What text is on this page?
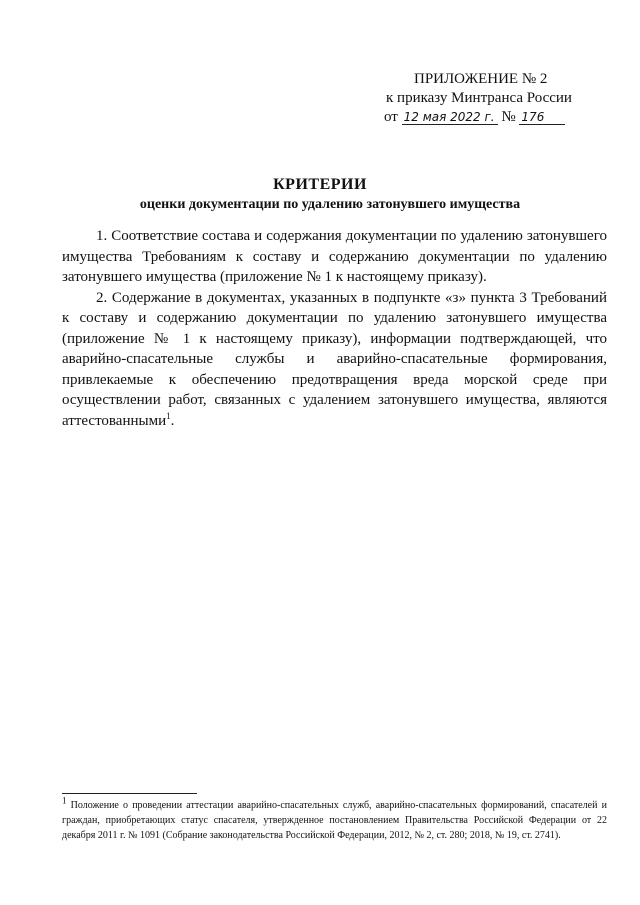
ПРИЛОЖЕНИЕ № 2
к приказу Минтранса России
от 12 мая 2022 г. № 176
КРИТЕРИИ
оценки документации по удалению затонувшего имущества

1. Соответствие состава и содержания документации по удалению затонувшего имущества Требованиям к составу и содержанию документации по удалению затонувшего имущества (приложение № 1 к настоящему приказу).

2. Содержание в документах, указанных в подпункте «з» пункта 3 Требований к составу и содержанию документации по удалению затонувшего имущества (приложение № 1 к настоящему приказу), информации подтверждающей, что аварийно-спасательные службы и аварийно-спасательные формирования, привлекаемые к обеспечению предотвращения вреда морской среде при осуществлении работ, связанных с удалением затонувшего имущества, являются аттестованными$^1$.

$^1$ Положение о проведении аттестации аварийно-спасательных служб, аварийно-спасательных формирований, спасателей и граждан, приобретающих статус спасателя, утвержденное постановлением Правительства Российской Федерации от 22 декабря 2011 г. № 1091 (Собрание законодательства Российской Федерации, 2012, № 2, ст. 280; 2018, № 19, ст. 2741).
